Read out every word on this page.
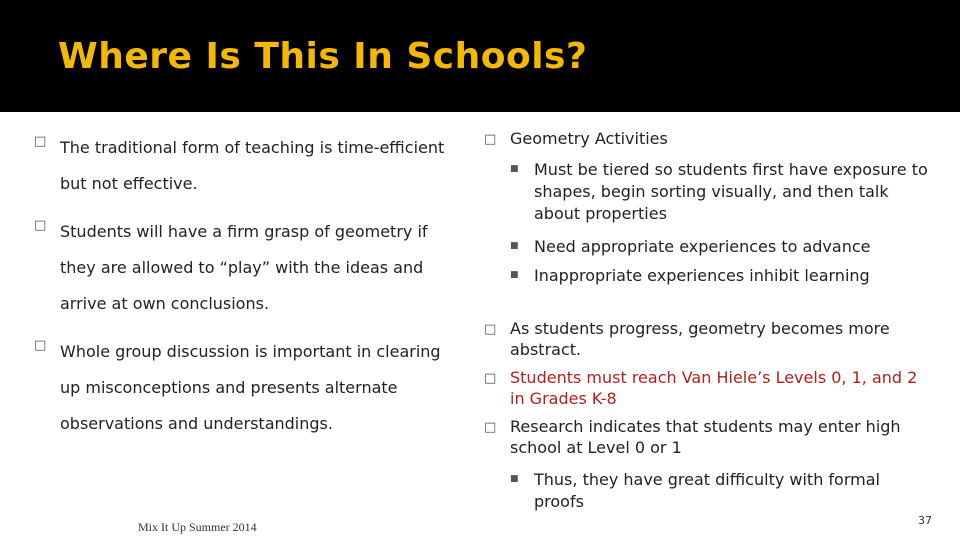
Where Is This In Schools?
□ The traditional form of teaching is time-efficient but not effective.
□ Students will have a firm grasp of geometry if they are allowed to “play” with the ideas and arrive at own conclusions.
□ Whole group discussion is important in clearing up misconceptions and presents alternate observations and understandings.
□ Geometry Activities
■ Must be tiered so students first have exposure to shapes, begin sorting visually, and then talk about properties
■ Need appropriate experiences to advance
■ Inappropriate experiences inhibit learning
□ As students progress, geometry becomes more abstract.
□ Students must reach Van Hiele’s Levels 0, 1, and 2 in Grades K-8
□ Research indicates that students may enter high school at Level 0 or 1
■ Thus, they have great difficulty with formal proofs
Mix It Up Summer 2014	37
